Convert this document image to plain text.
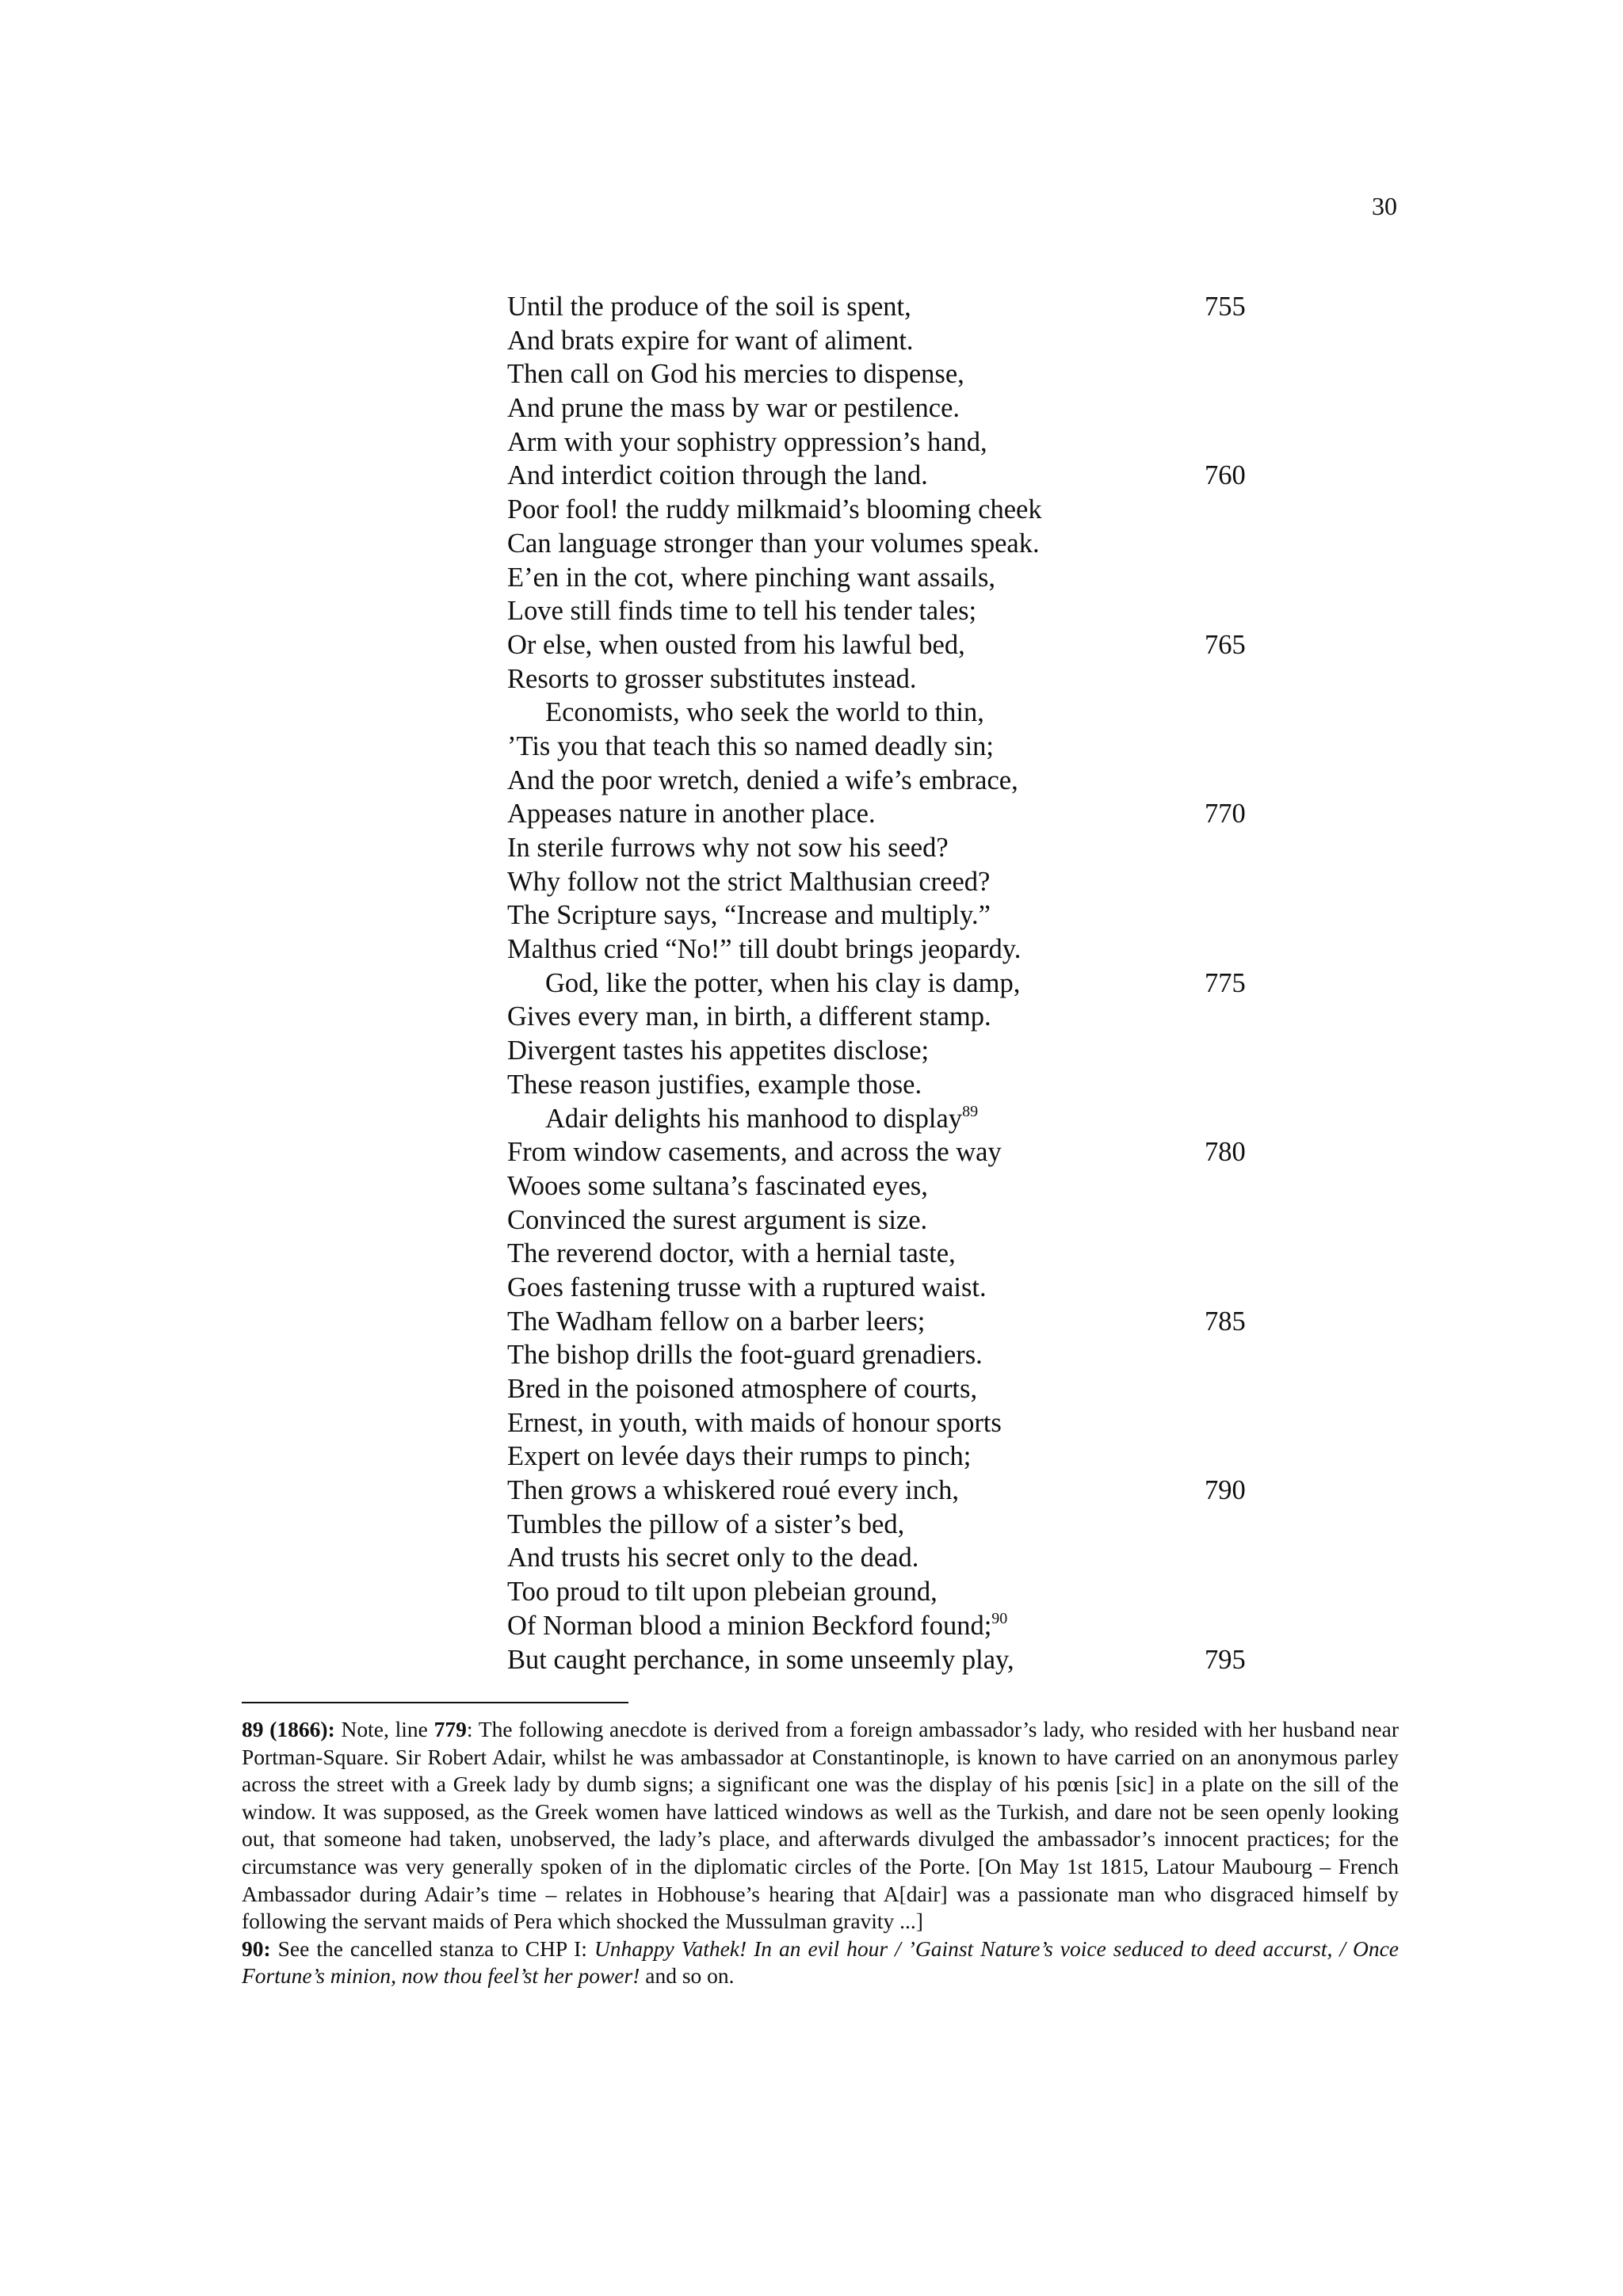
30
Until the produce of the soil is spent,	755
And brats expire for want of aliment.
Then call on God his mercies to dispense,
And prune the mass by war or pestilence.
Arm with your sophistry oppression’s hand,
And interdict coition through the land.	760
Poor fool! the ruddy milkmaid’s blooming cheek
Can language stronger than your volumes speak.
E’en in the cot, where pinching want assails,
Love still finds time to tell his tender tales;
Or else, when ousted from his lawful bed,	765
Resorts to grosser substitutes instead.
Economists, who seek the world to thin,
’Tis you that teach this so named deadly sin;
And the poor wretch, denied a wife’s embrace,
Appeases nature in another place.	770
In sterile furrows why not sow his seed?
Why follow not the strict Malthusian creed?
The Scripture says, “Increase and multiply.”
Malthus cried “No!” till doubt brings jeopardy.
God, like the potter, when his clay is damp,	775
Gives every man, in birth, a different stamp.
Divergent tastes his appetites disclose;
These reason justifies, example those.
Adair delights his manhood to display$^{89}$
From window casements, and across the way	780
Wooes some sultana’s fascinated eyes,
Convinced the surest argument is size.
The reverend doctor, with a hernial taste,
Goes fastening trusse with a ruptured waist.
The Wadham fellow on a barber leers;	785
The bishop drills the foot-guard grenadiers.
Bred in the poisoned atmosphere of courts,
Ernest, in youth, with maids of honour sports
Expert on levée days their rumps to pinch;
Then grows a whiskered roué every inch,	790
Tumbles the pillow of a sister’s bed,
And trusts his secret only to the dead.
Too proud to tilt upon plebeian ground,
Of Norman blood a minion Beckford found;$^{90}$
But caught perchance, in some unseemly play,	795

89 (1866): Note, line 779: The following anecdote is derived from a foreign ambassador’s lady, who resided with her husband near Portman-Square. Sir Robert Adair, whilst he was ambassador at Constantinople, is known to have carried on an anonymous parley across the street with a Greek lady by dumb signs; a significant one was the display of his pœnis [sic] in a plate on the sill of the window. It was supposed, as the Greek women have latticed windows as well as the Turkish, and dare not be seen openly looking out, that someone had taken, unobserved, the lady’s place, and afterwards divulged the ambassador’s innocent practices; for the circumstance was very generally spoken of in the diplomatic circles of the Porte. [On May 1st 1815, Latour Maubourg – French Ambassador during Adair’s time – relates in Hobhouse’s hearing that A[dair] was a passionate man who disgraced himself by following the servant maids of Pera which shocked the Mussulman gravity ...]

90: See the cancelled stanza to CHP I: Unhappy Vathek! In an evil hour / ’Gainst Nature’s voice seduced to deed accurst, / Once Fortune’s minion, now thou feel’st her power! and so on.
